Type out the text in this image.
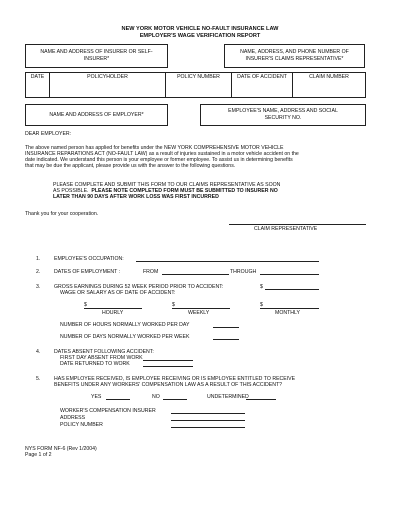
NEW YORK MOTOR VEHICLE NO-FAULT INSURANCE LAW
EMPLOYER'S WAGE VERIFICATION REPORT
NAME AND ADDRESS OF INSURER OR SELF-
INSURER*
NAME, ADDRESS, AND PHONE NUMBER OF
INSURER'S CLAIMS REPRESENTATIVE*
DATE	POLICYHOLDER	POLICY NUMBER	DATE OF ACCIDENT	CLAIM NUMBER
NAME AND ADDRESS OF EMPLOYER*
EMPLOYEE'S NAME, ADDRESS AND SOCIAL
SECURITY NO.
DEAR EMPLOYER:
The above named person has applied for benefits under the NEW YORK COMPREHENSIVE MOTOR VEHICLE
INSURANCE REPARATIONS ACT (NO-FAULT LAW) as a result of injuries sustained in a motor vehicle accident on the
date indicated. We understand this person is your employee or former employee. To assist us in determining benefits
that may be due the applicant, please provide us with the answer to the following questions.
PLEASE COMPLETE AND SUBMIT THIS FORM TO OUR CLAIMS REPRESENTATIVE AS SOON
AS POSSIBLE. PLEASE NOTE COMPLETED FORM MUST BE SUBMITTED TO INSURER NO
LATER THAN 90 DAYS AFTER WORK LOSS WAS FIRST INCURRED
Thank you for your cooperation.
CLAIM REPRESENTATIVE
1.	EMPLOYEE'S OCCUPATION:
2.	DATES OF EMPLOYMENT :	FROM	THROUGH
3.	GROSS EARNINGS DURING 52 WEEK PERIOD PRIOR TO ACCIDENT:	$
WAGE OR SALARY AS OF DATE OF ACCIDENT:
$	$	$
HOURLY	WEEKLY	MONTHLY
NUMBER OF HOURS NORMALLY WORKED PER DAY
NUMBER OF DAYS NORMALLY WORKED PER WEEK
4.	DATES ABSENT FOLLOWING ACCIDENT:
FIRST DAY ABSENT FROM WORK
DATE RETURNED TO WORK
5.	HAS EMPLOYEE RECEIVED, IS EMPLOYEE RECEIVING OR IS EMPLOYEE ENTITLED TO RECEIVE
BENEFITS UNDER ANY WORKERS' COMPENSATION LAW AS A RESULT OF THIS ACCIDENT?
YES	NO	UNDETERMINED
WORKER'S COMPENSATION INSURER
ADDRESS
POLICY NUMBER
NYS FORM NF-6 (Rev 1/2004)
Page 1 of 2
